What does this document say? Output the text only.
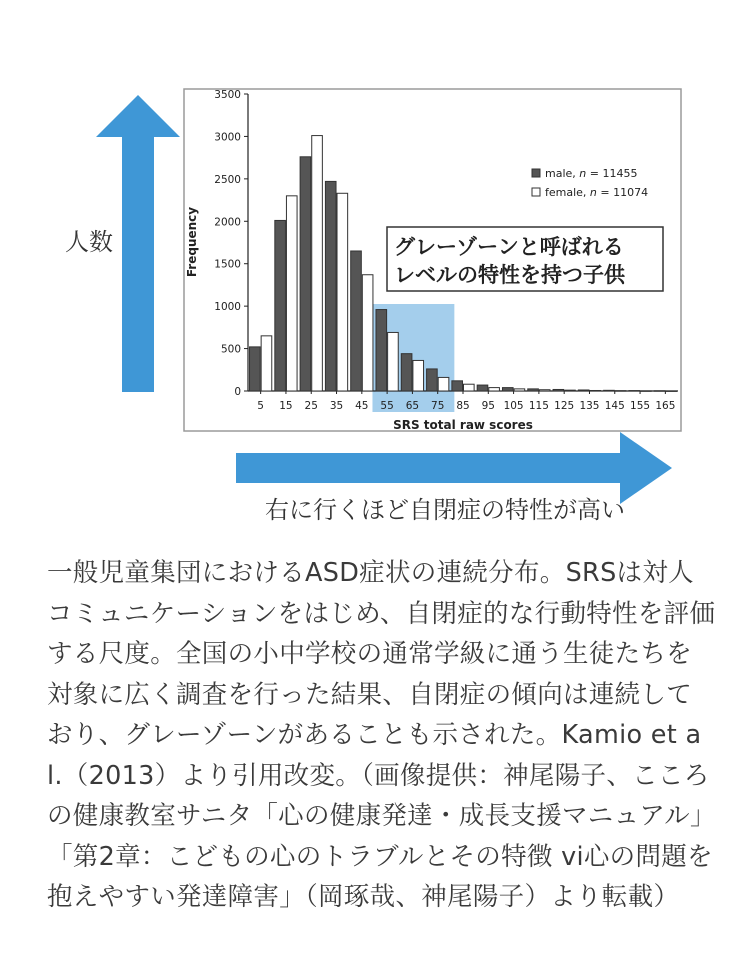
人数
右に行くほど自閉症の特性が高い
0
500
1000
1500
2000
2500
3000
3500
5 15 25 35 45 55 65 75 85 95 105 115 125 135 145 155 165
Frequency
SRS total raw scores
male, n = 11455
female, n = 11074
グレーゾーンと呼ばれる
レベルの特性を持つ子供
一般児童集団におけるASD症状の連続分布。SRSは対人コミュニケーションをはじめ、自閉症的な行動特性を評価する尺度。全国の小中学校の通常学級に通う生徒たちを対象に広く調査を行った結果、自閉症の傾向は連続しており、グレーゾーンがあることも示された。Kamio et al.（2013）より引用改変。（画像提供：神尾陽子、こころの健康教室サニタ「心の健康発達・成長支援マニュアル」「第2章：こどもの心のトラブルとその特徴 vi心の問題を抱えやすい発達障害」（岡琢哉、神尾陽子）より転載）
